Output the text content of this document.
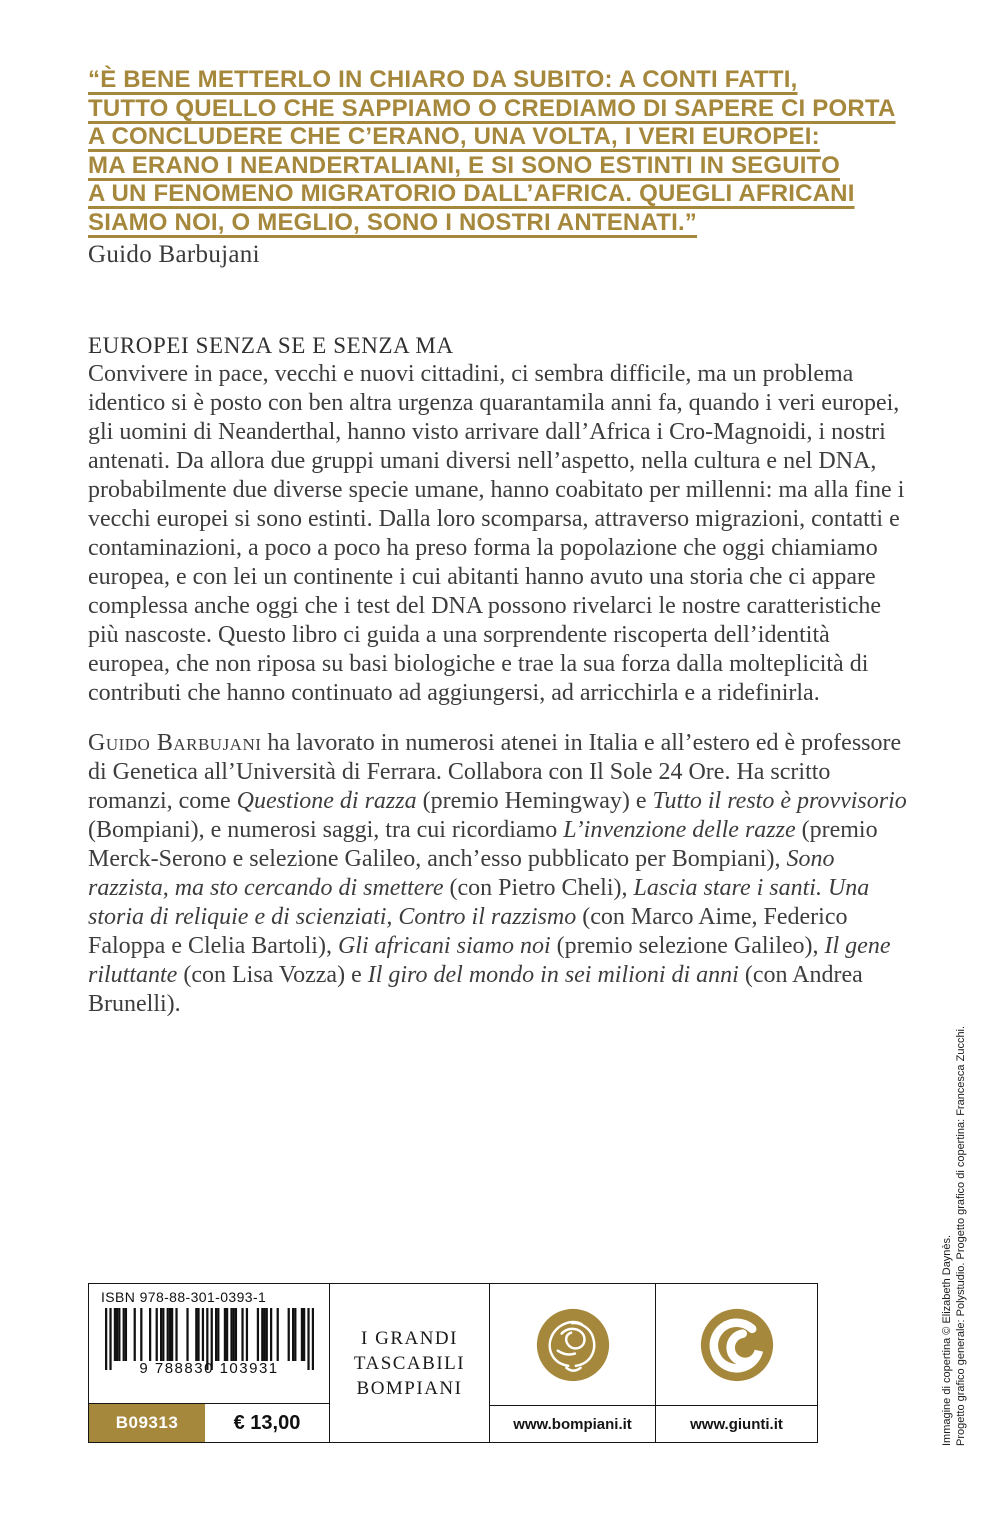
“È BENE METTERLO IN CHIARO DA SUBITO: A CONTI FATTI,
TUTTO QUELLO CHE SAPPIAMO O CREDIAMO DI SAPERE CI PORTA
A CONCLUDERE CHE C’ERANO, UNA VOLTA, I VERI EUROPEI:
MA ERANO I NEANDERTALIANI, E SI SONO ESTINTI IN SEGUITO
A UN FENOMENO MIGRATORIO DALL’AFRICA. QUEGLI AFRICANI
SIAMO NOI, O MEGLIO, SONO I NOSTRI ANTENATI.”
Guido Barbujani
EUROPEI SENZA SE E SENZA MA

Convivere in pace, vecchi e nuovi cittadini, ci sembra difficile, ma un problema identico si è posto con ben altra urgenza quarantamila anni fa, quando i veri europei, gli uomini di Neanderthal, hanno visto arrivare dall’Africa i Cro-Magnoidi, i nostri antenati. Da allora due gruppi umani diversi nell’aspetto, nella cultura e nel DNA, probabilmente due diverse specie umane, hanno coabitato per millenni: ma alla fine i vecchi europei si sono estinti. Dalla loro scomparsa, attraverso migrazioni, contatti e contaminazioni, a poco a poco ha preso forma la popolazione che oggi chiamiamo europea, e con lei un continente i cui abitanti hanno avuto una storia che ci appare complessa anche oggi che i test del DNA possono rivelarci le nostre caratteristiche più nascoste. Questo libro ci guida a una sorprendente riscoperta dell’identità europea, che non riposa su basi biologiche e trae la sua forza dalla molteplicità di contributi che hanno continuato ad aggiungersi, ad arricchirla e a ridefinirla.

Guido Barbujani ha lavorato in numerosi atenei in Italia e all’estero ed è professore di Genetica all’Università di Ferrara. Collabora con Il Sole 24 Ore. Ha scritto romanzi, come Questione di razza (premio Hemingway) e Tutto il resto è provvisorio (Bompiani), e numerosi saggi, tra cui ricordiamo L’invenzione delle razze (premio Merck-Serono e selezione Galileo, anch’esso pubblicato per Bompiani), Sono razzista, ma sto cercando di smettere (con Pietro Cheli), Lascia stare i santi. Una storia di reliquie e di scienziati, Contro il razzismo (con Marco Aime, Federico Faloppa e Clelia Bartoli), Gli africani siamo noi (premio selezione Galileo), Il gene riluttante (con Lisa Vozza) e Il giro del mondo in sei milioni di anni (con Andrea Brunelli).

ISBN 978-88-301-0393-1
9 788830 103931
B09313	€ 13,00
I GRANDI
TASCABILI
BOMPIANI
www.bompiani.it	www.giunti.it	Immagine di copertina © Elizabeth Daynès. Progetto grafico generale: Polystudio. Progetto grafico di copertina: Francesca Zucchi.
